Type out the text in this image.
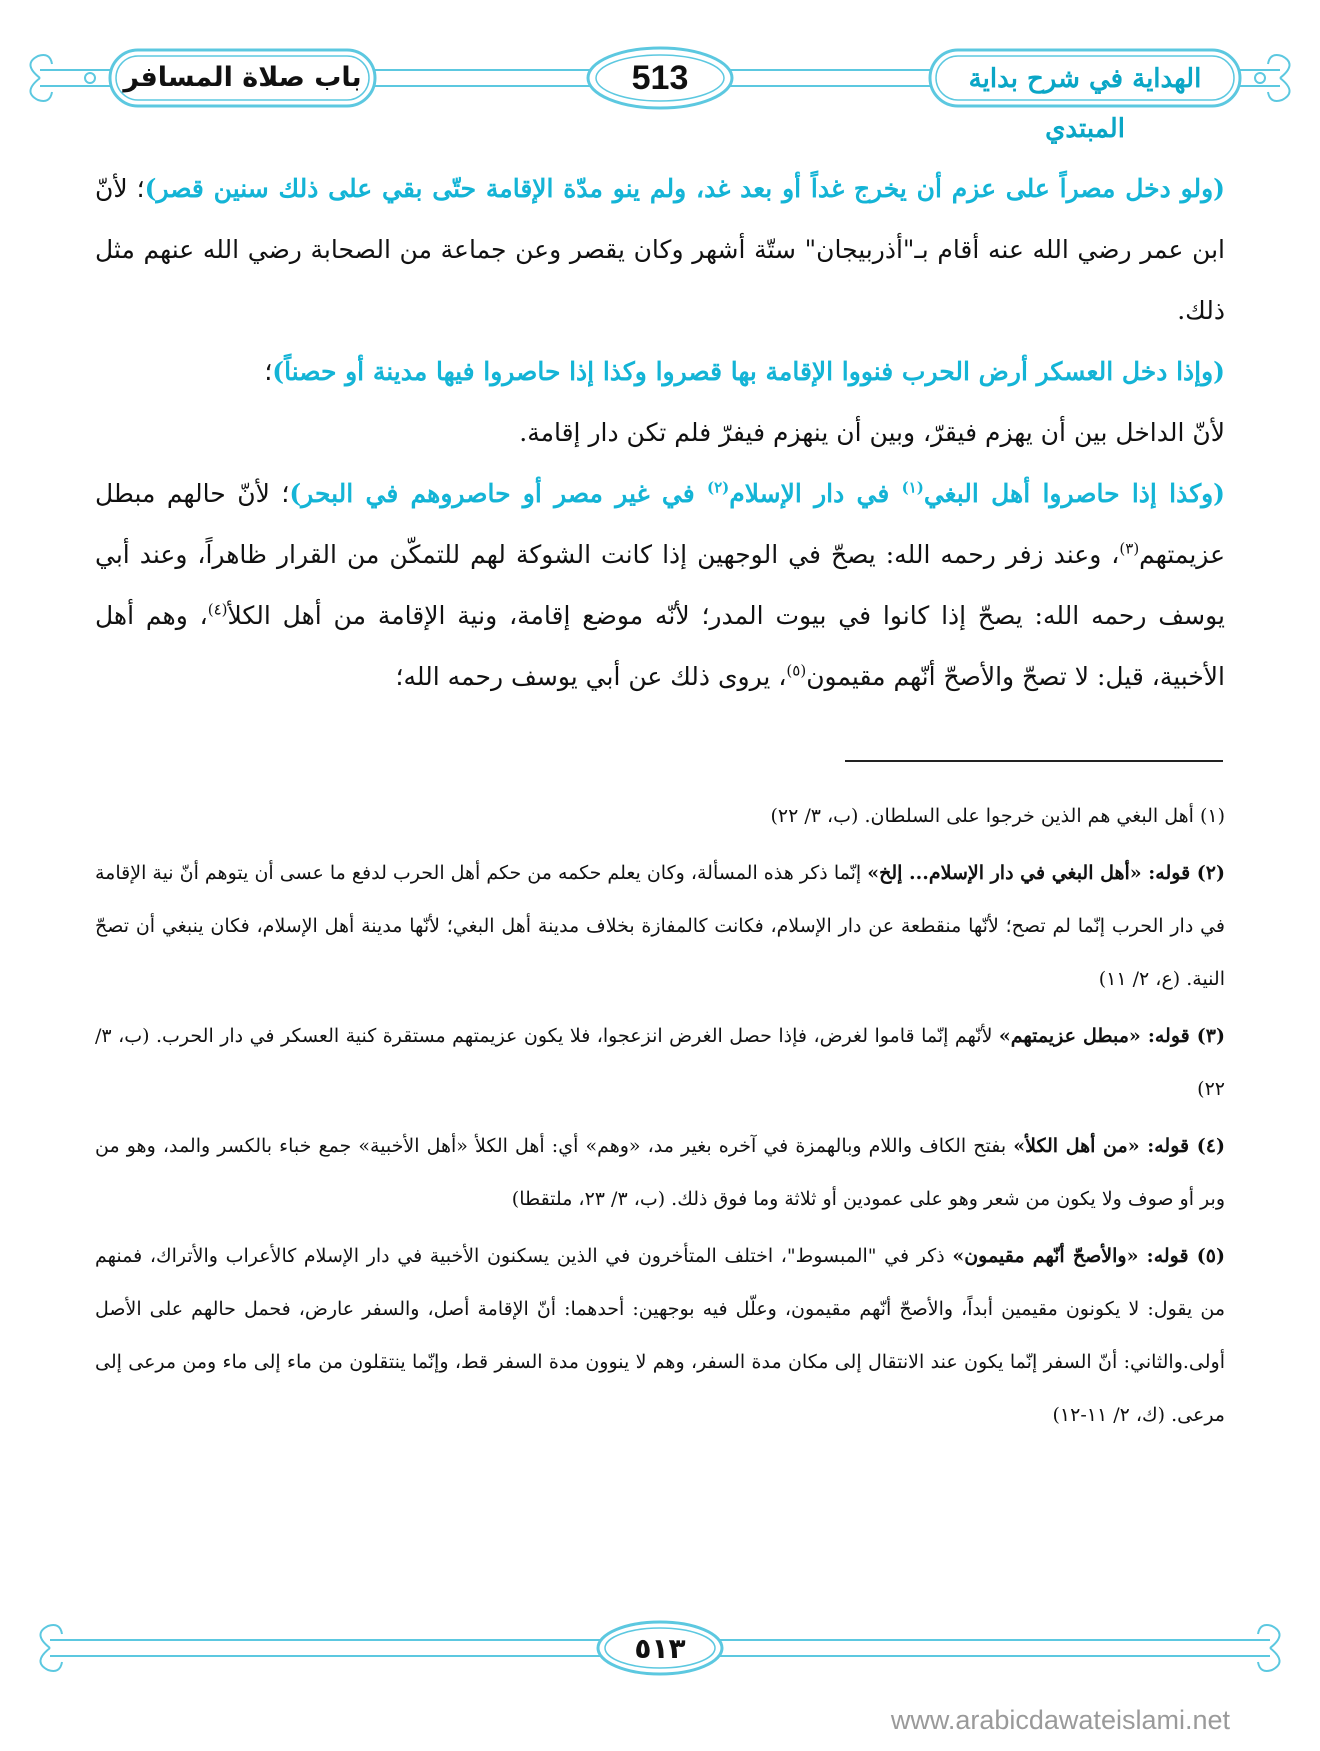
باب صلاة المسافر	513	الهداية في شرح بداية المبتدي

(ولو دخل مصراً على عزم أن يخرج غداً أو بعد غد، ولم ينو مدّة الإقامة حتّى بقي على ذلك سنين قصر)؛ لأنّ ابن عمر رضي الله عنه أقام بـ"أذربيجان" ستّة أشهر وكان يقصر وعن جماعة من الصحابة رضي الله عنهم مثل ذلك.

(وإذا دخل العسكر أرض الحرب فنووا الإقامة بها قصروا وكذا إذا حاصروا فيها مدينة أو حصناً)؛

لأنّ الداخل بين أن يهزم فيقرّ، وبين أن ينهزم فيفرّ فلم تكن دار إقامة.

(وكذا إذا حاصروا أهل البغي$^{(١)}$ في دار الإسلام$^{(٢)}$ في غير مصر أو حاصروهم في البحر)؛ لأنّ حالهم مبطل عزيمتهم$^{(٣)}$، وعند زفر رحمه الله: يصحّ في الوجهين إذا كانت الشوكة لهم للتمكّن من القرار ظاهراً، وعند أبي يوسف رحمه الله: يصحّ إذا كانوا في بيوت المدر؛ لأنّه موضع إقامة، ونية الإقامة من أهل الكلأ$^{(٤)}$، وهم أهل الأخبية، قيل: لا تصحّ والأصحّ أنّهم مقيمون$^{(٥)}$، يروى ذلك عن أبي يوسف رحمه الله؛

(١) أهل البغي هم الذين خرجوا على السلطان. (ب، ٣/ ٢٢)

(٢) قوله: «أهل البغي في دار الإسلام... إلخ» إنّما ذكر هذه المسألة، وكان يعلم حكمه من حكم أهل الحرب لدفع ما عسى أن يتوهم أنّ نية الإقامة في دار الحرب إنّما لم تصح؛ لأنّها منقطعة عن دار الإسلام، فكانت كالمفازة بخلاف مدينة أهل البغي؛ لأنّها مدينة أهل الإسلام، فكان ينبغي أن تصحّ النية. (ع، ٢/ ١١)

(٣) قوله: «مبطل عزيمتهم» لأنّهم إنّما قاموا لغرض، فإذا حصل الغرض انزعجوا، فلا يكون عزيمتهم مستقرة كنية العسكر في دار الحرب. (ب، ٣/ ٢٢)

(٤) قوله: «من أهل الكلأ» بفتح الكاف واللام وبالهمزة في آخره بغير مد، «وهم» أي: أهل الكلأ «أهل الأخبية» جمع خباء بالكسر والمد، وهو من وبر أو صوف ولا يكون من شعر وهو على عمودين أو ثلاثة وما فوق ذلك. (ب، ٣/ ٢٣، ملتقطا)

(٥) قوله: «والأصحّ أنّهم مقيمون» ذكر في "المبسوط"، اختلف المتأخرون في الذين يسكنون الأخبية في دار الإسلام كالأعراب والأتراك، فمنهم من يقول: لا يكونون مقيمين أبداً، والأصحّ أنّهم مقيمون، وعلّل فيه بوجهين: أحدهما: أنّ الإقامة أصل، والسفر عارض، فحمل حالهم على الأصل أولى.والثاني: أنّ السفر إنّما يكون عند الانتقال إلى مكان مدة السفر، وهم لا ينوون مدة السفر قط، وإنّما ينتقلون من ماء إلى ماء ومن مرعى إلى مرعى. (ك، ٢/ ١١-١٢)

٥١٣
www.arabicdawateislami.net
